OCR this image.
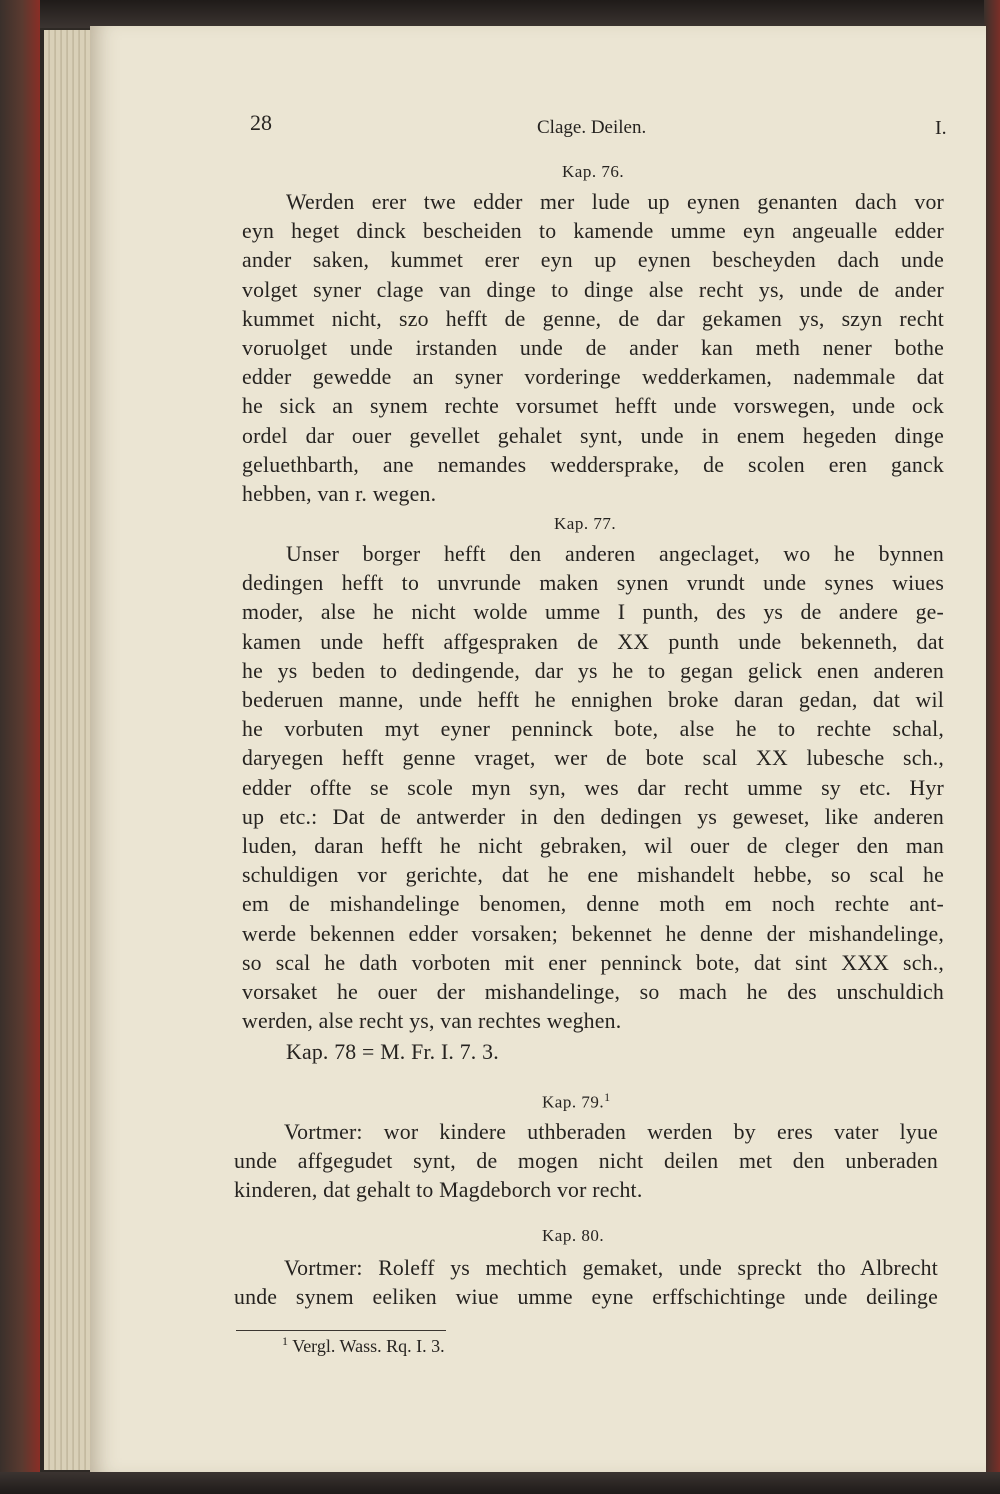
28	Clage. Deilen.	I.
Kap. 76.
Werden erer twe edder mer lude up eynen genanten dach vor
eyn heget dinck bescheiden to kamende umme eyn angeualle edder
ander saken, kummet erer eyn up eynen bescheyden dach unde
volget syner clage van dinge to dinge alse recht ys, unde de ander
kummet nicht, szo hefft de genne, de dar gekamen ys, szyn recht
voruolget unde irstanden unde de ander kan meth nener bothe
edder gewedde an syner vorderinge wedderkamen, nademmale dat
he sick an synem rechte vorsumet hefft unde vorswegen, unde ock
ordel dar ouer gevellet gehalet synt, unde in enem hegeden dinge
geluethbarth, ane nemandes weddersprake, de scolen eren ganck
hebben, van r. wegen.
Kap. 77.
Unser borger hefft den anderen angeclaget, wo he bynnen
dedingen hefft to unvrunde maken synen vrundt unde synes wiues
moder, alse he nicht wolde umme I punth, des ys de andere ge-
kamen unde hefft affgespraken de XX punth unde bekenneth, dat
he ys beden to dedingende, dar ys he to gegan gelick enen anderen
bederuen manne, unde hefft he ennighen broke daran gedan, dat wil
he vorbuten myt eyner penninck bote, alse he to rechte schal,
daryegen hefft genne vraget, wer de bote scal XX lubesche sch.,
edder offte se scole myn syn, wes dar recht umme sy etc. Hyr
up etc.: Dat de antwerder in den dedingen ys geweset, like anderen
luden, daran hefft he nicht gebraken, wil ouer de cleger den man
schuldigen vor gerichte, dat he ene mishandelt hebbe, so scal he
em de mishandelinge benomen, denne moth em noch rechte ant-
werde bekennen edder vorsaken; bekennet he denne der mishandelinge,
so scal he dath vorboten mit ener penninck bote, dat sint XXX sch.,
vorsaket he ouer der mishandelinge, so mach he des unschuldich
werden, alse recht ys, van rechtes weghen.
Kap. 78 = M. Fr. I. 7. 3.
Kap. 79.$^1$
Vortmer: wor kindere uthberaden werden by eres vater lyue
unde affgegudet synt, de mogen nicht deilen met den unberaden
kinderen, dat gehalt to Magdeborch vor recht.
Kap. 80.
Vortmer: Roleff ys mechtich gemaket, unde spreckt tho Albrecht
unde synem eeliken wiue umme eyne erffschichtinge unde deilinge
$^1$ Vergl. Wass. Rq. I. 3.
